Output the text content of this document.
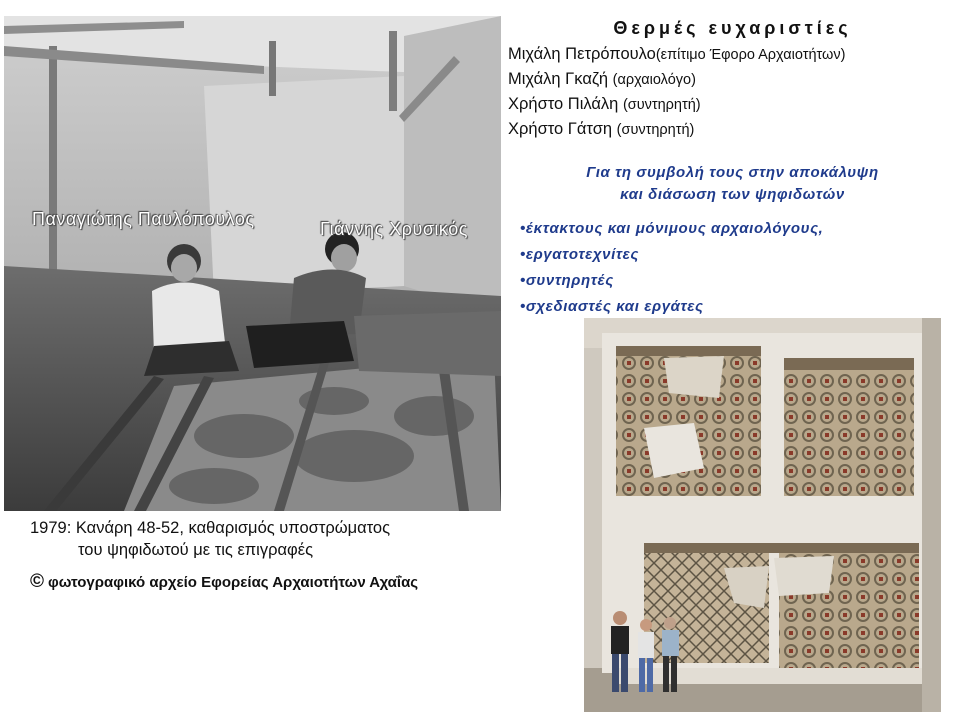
Παναγιώτης Παυλόπουλος	Γιάννης Χρυσικός
1979: Κανάρη 48-52, καθαρισμός υποστρώματος
του ψηφιδωτού με τις επιγραφές
© φωτογραφικό αρχείο Εφορείας Αρχαιοτήτων Αχαΐας
Θερμές ευχαριστίες
Μιχάλη Πετρόπουλο(επίτιμο Έφορο Αρχαιοτήτων)
Μιχάλη Γκαζή (αρχαιολόγο)
Χρήστο Πιλάλη (συντηρητή)
Χρήστο Γάτση (συντηρητή)
Για τη συμβολή τους στην αποκάλυψη
και διάσωση των ψηφιδωτών
•έκτακτους και μόνιμους αρχαιολόγους,
•εργατοτεχνίτες
•συντηρητές
•σχεδιαστές και εργάτες
